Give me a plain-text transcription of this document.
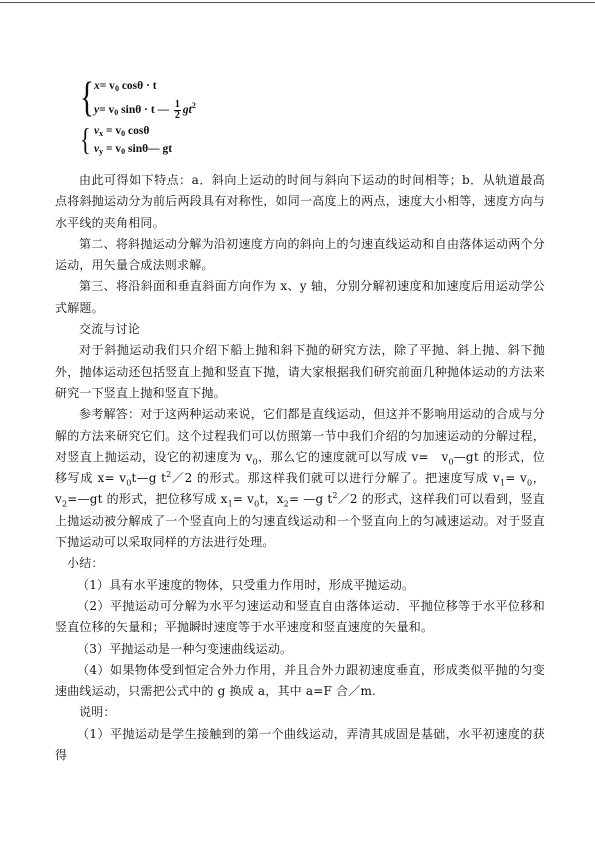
{ $x= v_0$ cosθ · t
$y= v_0$ sinθ · t — $\frac{1}{2} gt^2$
{ $v_x = v_0$ cosθ
$v_y = v_0$ sinθ— gt

由此可得如下特点：a．斜向上运动的时间与斜向下运动的时间相等；b．从轨道最高点将斜抛运动分为前后两段具有对称性，如同一高度上的两点，速度大小相等，速度方向与水平线的夹角相同。

第二、将斜抛运动分解为沿初速度方向的斜向上的匀速直线运动和自由落体运动两个分运动，用矢量合成法则求解。

第三、将沿斜面和垂直斜面方向作为 x、y 轴，分别分解初速度和加速度后用运动学公式解题。

交流与讨论

对于斜抛运动我们只介绍下船上抛和斜下抛的研究方法，除了平抛、斜上抛、斜下抛外，抛体运动还包括竖直上抛和竖直下抛，请大家根据我们研究前面几种抛体运动的方法来研究一下竖直上抛和竖直下抛。

参考解答：对于这两种运动来说，它们都是直线运动，但这并不影响用运动的合成与分解的方法来研究它们。这个过程我们可以仿照第一节中我们介绍的匀加速运动的分解过程，对竖直上抛运动，设它的初速度为 $v_0$，那么它的速度就可以写成 v=　$v_0—gt$ 的形式，位移写成 $x= v_0t—g$ $t^2/2$ 的形式。那这样我们就可以进行分解了。把速度写成 $v_1= v_0$，$v_2=—gt$ 的形式，把位移写成 $x_1= v_0t$，$x_2=$ —g $t^2/2$ 的形式，这样我们可以看到，竖直上抛运动被分解成了一个竖直向上的匀速直线运动和一个竖直向上的匀减速运动。对于竖直下抛运动可以采取同样的方法进行处理。

小结：

（1）具有水平速度的物体，只受重力作用时，形成平抛运动。

（2）平抛运动可分解为水平匀速运动和竖直自由落体运动．平抛位移等于水平位移和竖直位移的矢量和；平抛瞬时速度等于水平速度和竖直速度的矢量和。

（3）平抛运动是一种匀变速曲线运动。

（4）如果物体受到恒定合外力作用，并且合外力跟初速度垂直，形成类似平抛的匀变速曲线运动，只需把公式中的 g 换成 a，其中 a=F 合／m.

说明：

（1）平抛运动是学生接触到的第一个曲线运动，弄清其成固是基础，水平初速度的获得
